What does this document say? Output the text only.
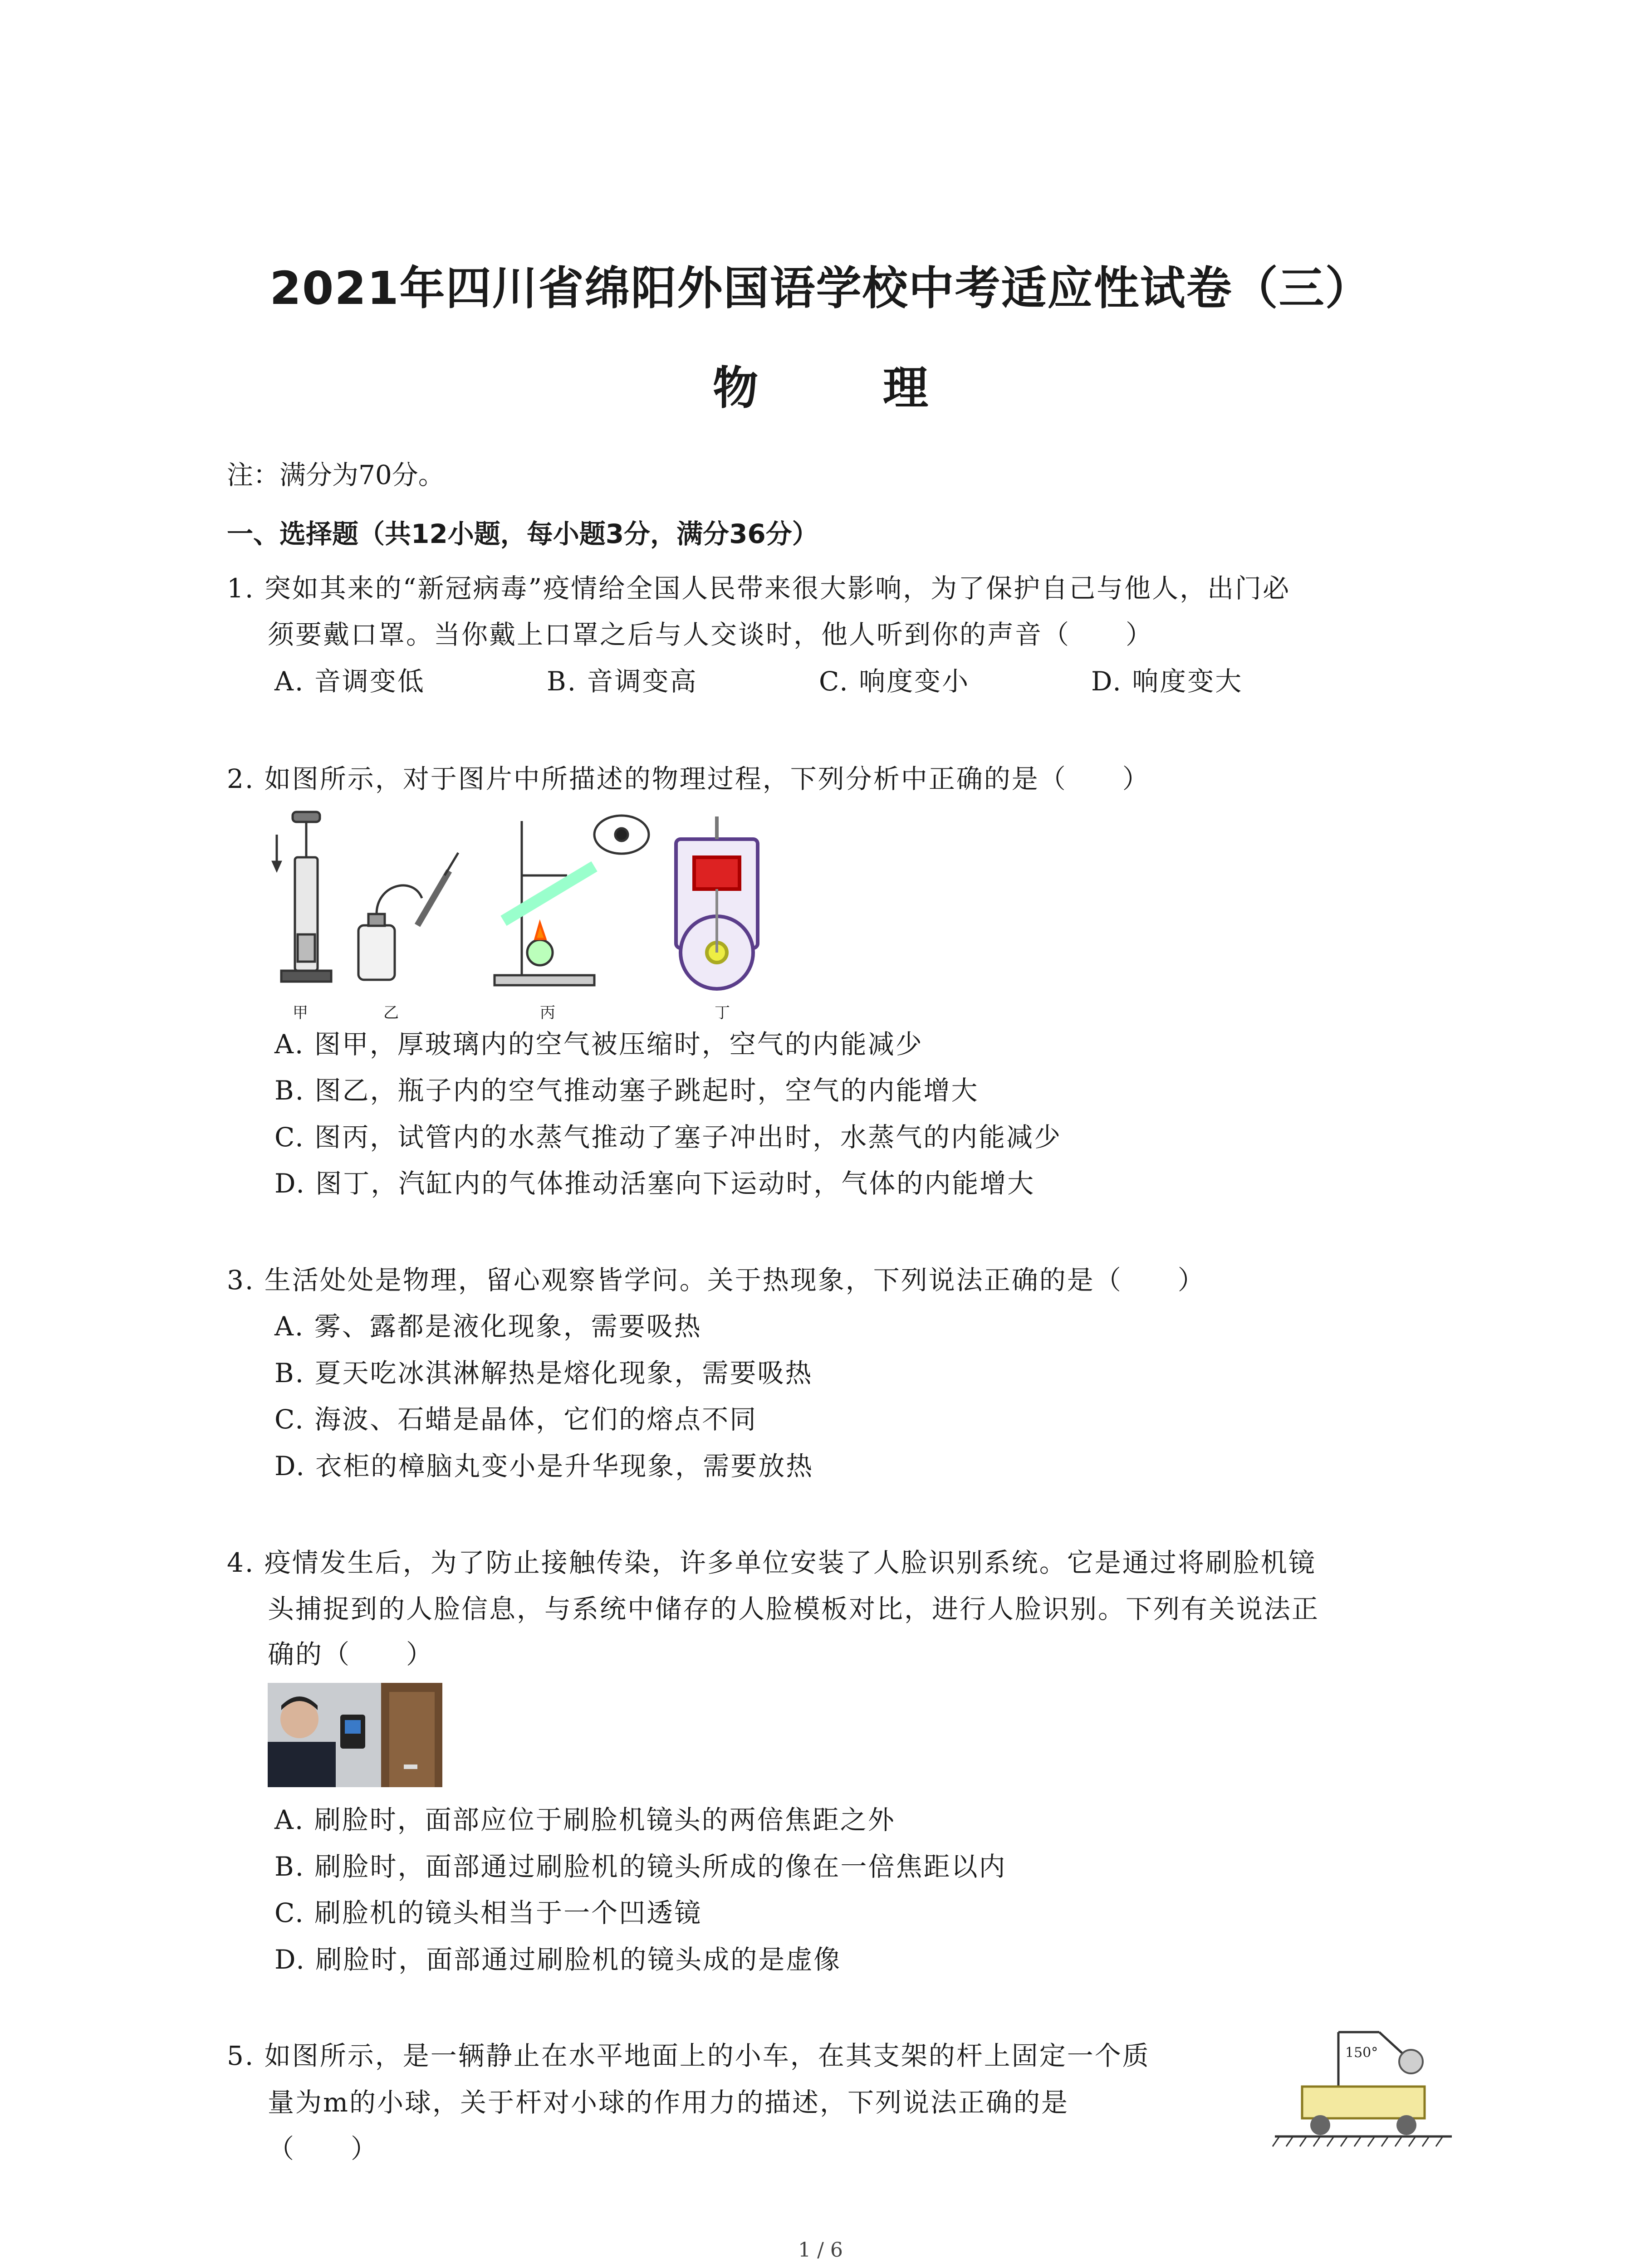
2021年四川省绵阳外国语学校中考适应性试卷（三）
物 理
注：满分为70分。
一、选择题（共12小题，每小题3分，满分36分）
1. 突如其来的“新冠病毒”疫情给全国人民带来很大影响，为了保护自己与他人，出门必
须要戴口罩。当你戴上口罩之后与人交谈时，他人听到你的声音（　　）
A. 音调变低	B. 音调变高	C. 响度变小	D. 响度变大
2. 如图所示，对于图片中所描述的物理过程，下列分析中正确的是（　　）
甲	乙	丙	丁
A. 图甲，厚玻璃内的空气被压缩时，空气的内能减少
B. 图乙，瓶子内的空气推动塞子跳起时，空气的内能增大
C. 图丙，试管内的水蒸气推动了塞子冲出时，水蒸气的内能减少
D. 图丁，汽缸内的气体推动活塞向下运动时，气体的内能增大
3. 生活处处是物理，留心观察皆学问。关于热现象，下列说法正确的是（　　）
A. 雾、露都是液化现象，需要吸热
B. 夏天吃冰淇淋解热是熔化现象，需要吸热
C. 海波、石蜡是晶体，它们的熔点不同
D. 衣柜的樟脑丸变小是升华现象，需要放热
4. 疫情发生后，为了防止接触传染，许多单位安装了人脸识别系统。它是通过将刷脸机镜
头捕捉到的人脸信息，与系统中储存的人脸模板对比，进行人脸识别。下列有关说法正
确的（　　）
A. 刷脸时，面部应位于刷脸机镜头的两倍焦距之外
B. 刷脸时，面部通过刷脸机的镜头所成的像在一倍焦距以内
C. 刷脸机的镜头相当于一个凹透镜
D. 刷脸时，面部通过刷脸机的镜头成的是虚像
5. 如图所示，是一辆静止在水平地面上的小车，在其支架的杆上固定一个质
量为m的小球，关于杆对小球的作用力的描述，下列说法正确的是
（　　）
150°
1 / 6
